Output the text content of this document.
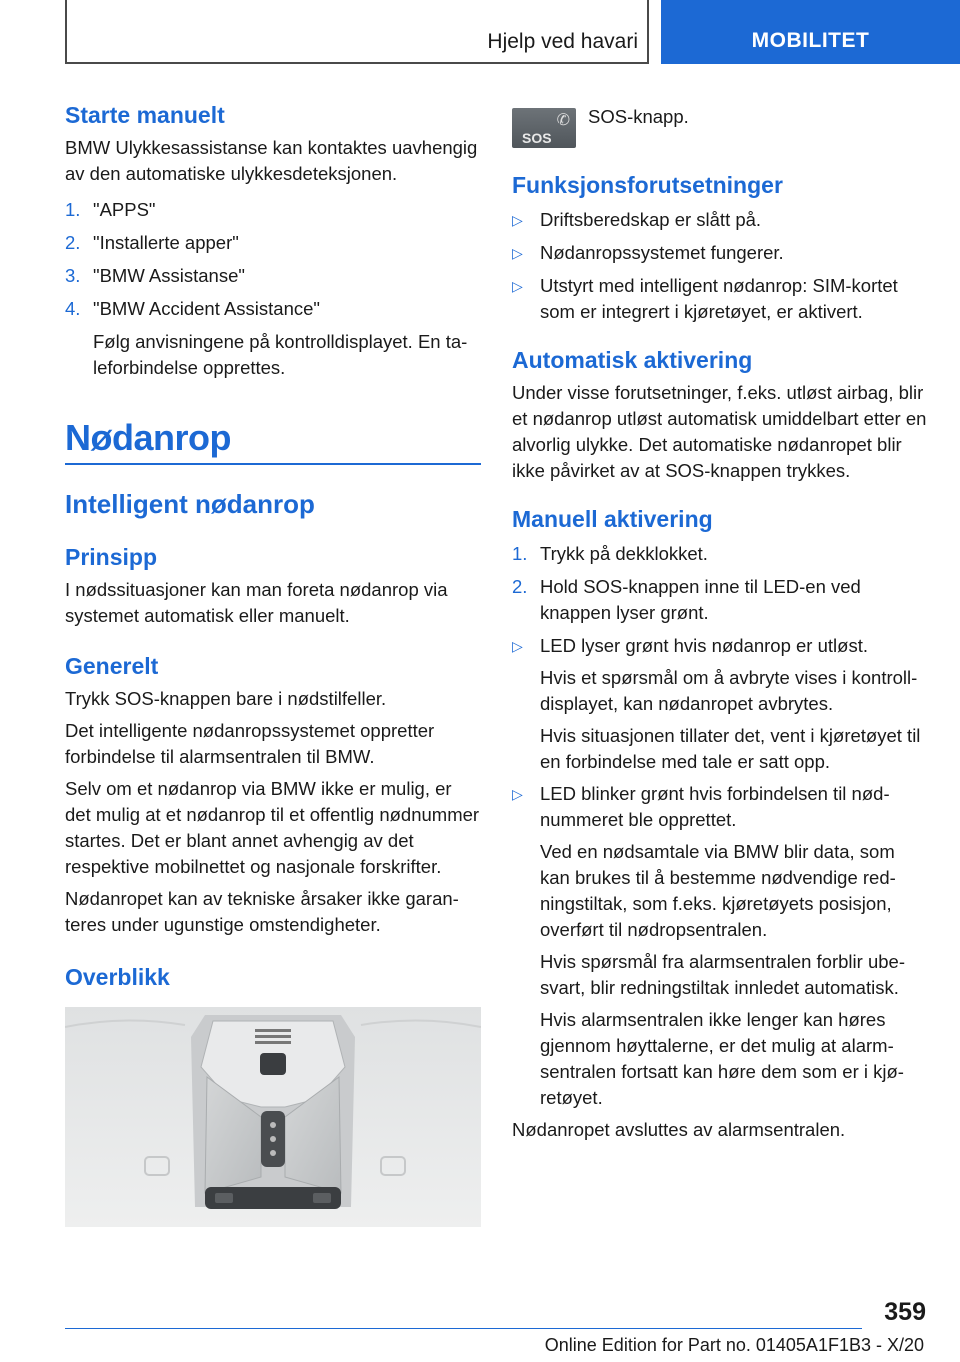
Hjelp ved havari	MOBILITET
Starte manuelt

BMW Ulykkesassistanse kan kontaktes uavhengig av den automatiske ulykkesdeteksjonen.

1. "APPS"
2. "Installerte apper"
3. "BMW Assistanse"
4. "BMW Accident Assistance"

Følg anvisningene på kontrolldisplayet. En taleforbindelse opprettes.

Nødanrop
Intelligent nødanrop
Prinsipp

I nødssituasjoner kan man foreta nødanrop via systemet automatisk eller manuelt.

Generelt

Trykk SOS-knappen bare i nødstilfeller.

Det intelligente nødanropssystemet oppretter forbindelse til alarmsentralen til BMW.

Selv om et nødanrop via BMW ikke er mulig, er det mulig at et nødanrop til et offentlig nødnummer startes. Det er blant annet avhengig av det respektive mobilnettet og nasjonale forskrifter.

Nødanropet kan av tekniske årsaker ikke garanteres under ugunstige omstendigheter.

Overblikk
SOS
✆ SOS-knapp.

Funksjonsforutsetninger
▷ Driftsberedskap er slått på.
▷ Nødanropssystemet fungerer.
▷ Utstyrt med intelligent nødanrop: SIM-kortet som er integrert i kjøretøyet, er aktivert.
Automatisk aktivering

Under visse forutsetninger, f.eks. utløst airbag, blir et nødanrop utløst automatisk umiddelbart etter en alvorlig ulykke. Det automatiske nødanropet blir ikke påvirket av at SOS-knappen trykkes.

Manuell aktivering
1. Trykk på dekklokket.
2. Hold SOS-knappen inne til LED-en ved knappen lyser grønt.
▷ LED lyser grønt hvis nødanrop er utløst.

Hvis et spørsmål om å avbryte vises i kontrolldisplayet, kan nødanropet avbrytes.

Hvis situasjonen tillater det, vent i kjøretøyet til en forbindelse med tale er satt opp.

▷ LED blinker grønt hvis forbindelsen til nødnummeret ble opprettet.

Ved en nødsamtale via BMW blir data, som kan brukes til å bestemme nødvendige redningstiltak, som f.eks. kjøretøyets posisjon, overført til nødropsentralen.

Hvis spørsmål fra alarmsentralen forblir ubesvart, blir redningstiltak innledet automatisk.

Hvis alarmsentralen ikke lenger kan høres gjennom høyttalerne, er det mulig at alarmsentralen fortsatt kan høre dem som er i kjøretøyet.

Nødanropet avsluttes av alarmsentralen.

359
Online Edition for Part no. 01405A1F1B3 - X/20
